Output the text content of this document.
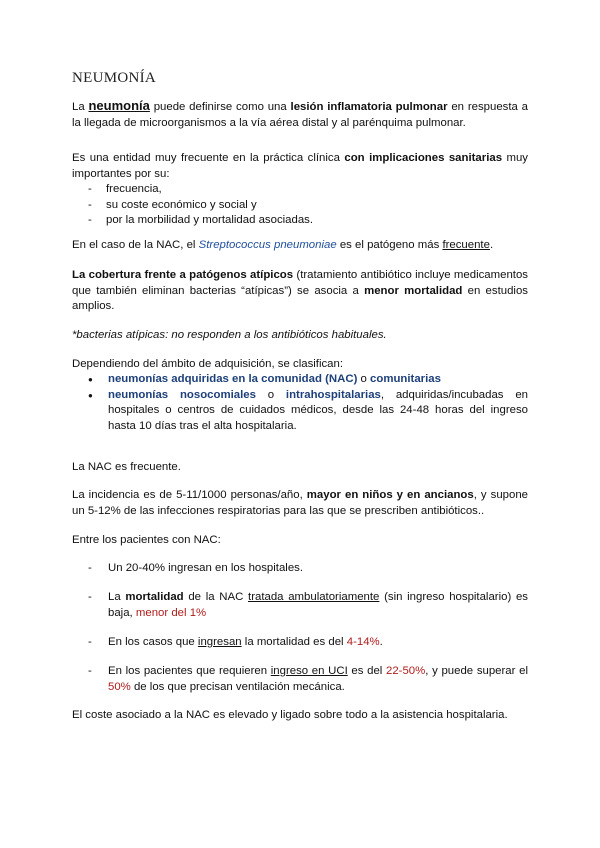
NEUMONÍA

La neumonía puede definirse como una lesión inflamatoria pulmonar en respuesta a la llegada de microorganismos a la vía aérea distal y al parénquima pulmonar.

Es una entidad muy frecuente en la práctica clínica con implicaciones sanitarias muy importantes por su:

- frecuencia,
- su coste económico y social y
- por la morbilidad y mortalidad asociadas.

En el caso de la NAC, el Streptococcus pneumoniae es el patógeno más frecuente.

La cobertura frente a patógenos atípicos (tratamiento antibiótico incluye medicamentos que también eliminan bacterias “atípicas”) se asocia a menor mortalidad en estudios amplios.

*bacterias atípicas: no responden a los antibióticos habituales.

Dependiendo del ámbito de adquisición, se clasifican:

● neumonías adquiridas en la comunidad (NAC) o comunitarias
● neumonías nosocomiales o intrahospitalarias, adquiridas/incubadas en hospitales o centros de cuidados médicos, desde las 24-48 horas del ingreso hasta 10 días tras el alta hospitalaria.

La NAC es frecuente.

La incidencia es de 5-11/1000 personas/año, mayor en niños y en ancianos, y supone un 5-12% de las infecciones respiratorias para las que se prescriben antibióticos..

Entre los pacientes con NAC:

- Un 20-40% ingresan en los hospitales.
- La mortalidad de la NAC tratada ambulatoriamente (sin ingreso hospitalario) es baja, menor del 1%
- En los casos que ingresan la mortalidad es del 4-14%.
- En los pacientes que requieren ingreso en UCI es del 22-50%, y puede superar el 50% de los que precisan ventilación mecánica.

El coste asociado a la NAC es elevado y ligado sobre todo a la asistencia hospitalaria.
